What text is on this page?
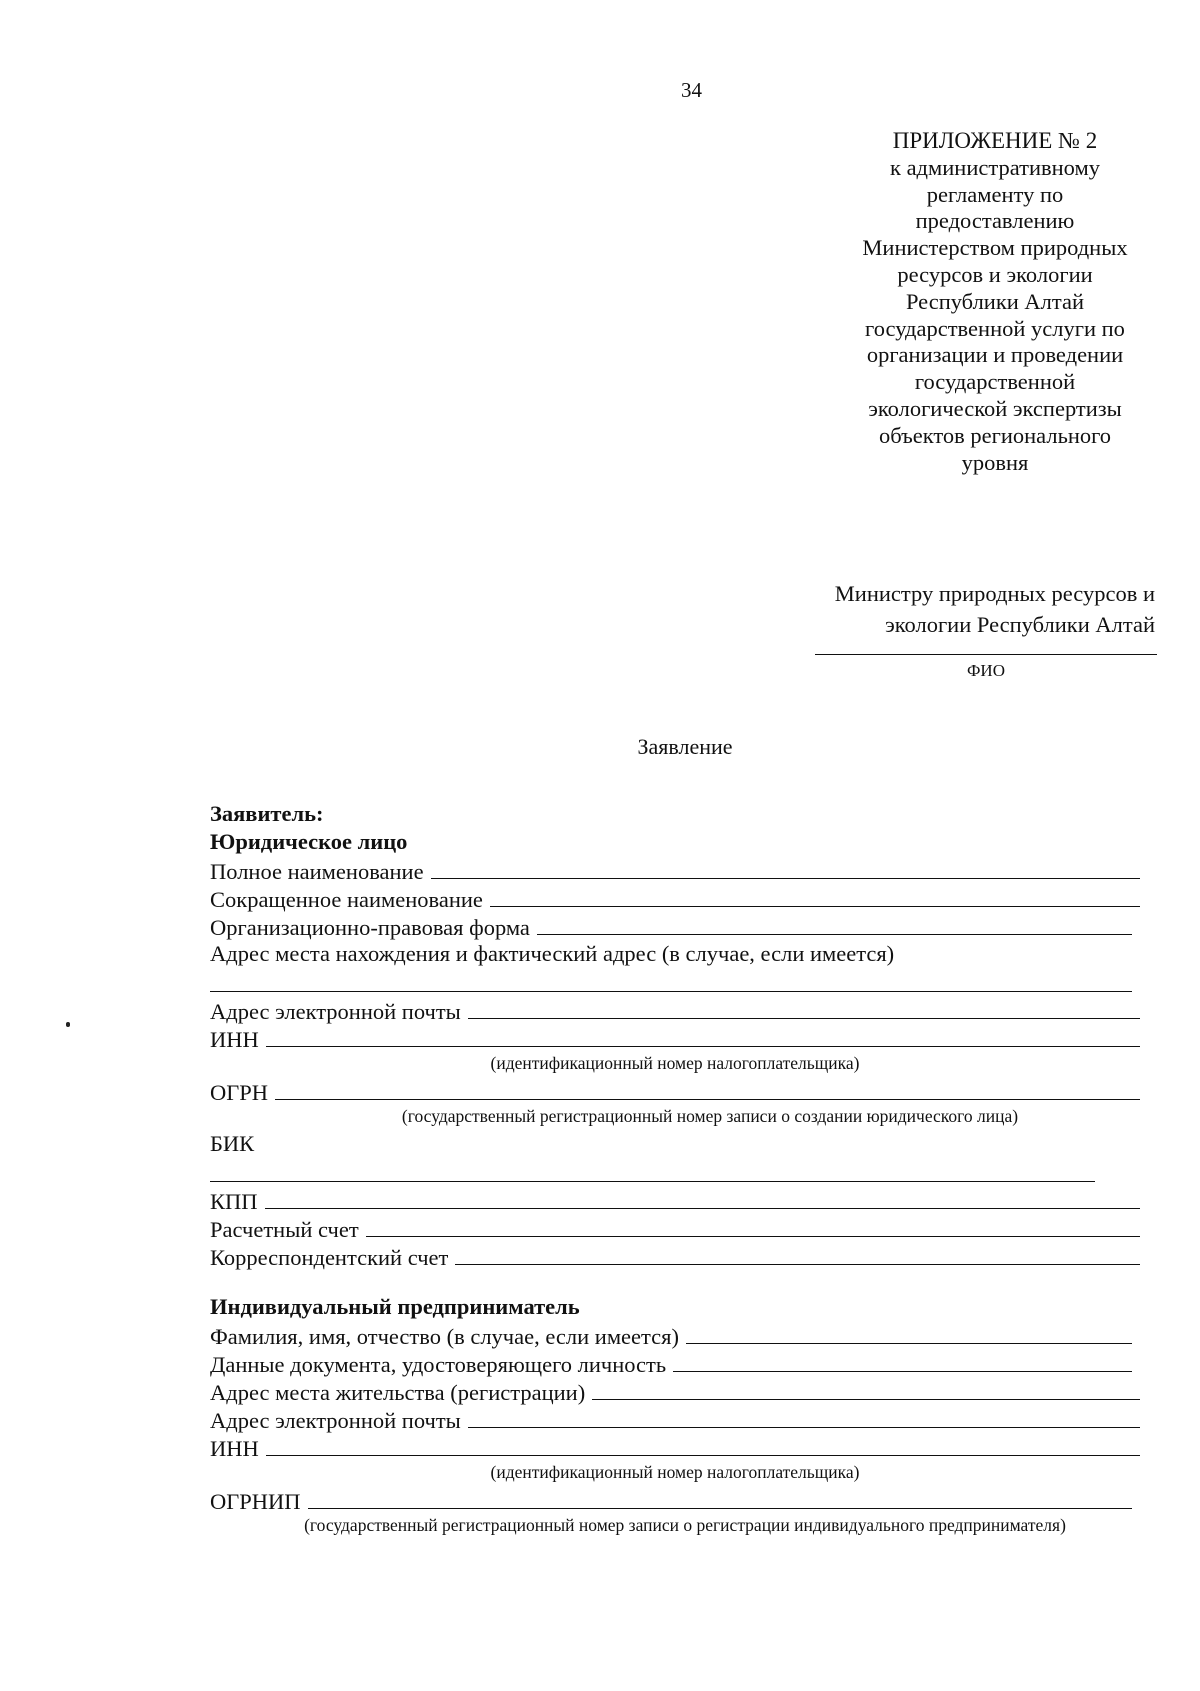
34
ПРИЛОЖЕНИЕ № 2
к административному
регламенту по
предоставлению
Министерством природных
ресурсов и экологии
Республики Алтай
государственной услуги по
организации и проведении
государственной
экологической экспертизы
объектов регионального
уровня
Министру природных ресурсов и
экологии Республики Алтай
ФИО
Заявление
Заявитель:
Юридическое лицо
Полное наименование
Сокращенное наименование
Организационно-правовая форма
Адрес места нахождения и фактический адрес (в случае, если имеется)
Адрес электронной почты
ИНН
(идентификационный номер налогоплательщика)
ОГРН
(государственный регистрационный номер записи о создании юридического лица)
БИК
КПП
Расчетный счет
Корреспондентский счет
Индивидуальный предприниматель
Фамилия, имя, отчество (в случае, если имеется)
Данные документа, удостоверяющего личность
Адрес места жительства (регистрации)
Адрес электронной почты
ИНН
(идентификационный номер налогоплательщика)
ОГРНИП
(государственный регистрационный номер записи о регистрации индивидуального предпринимателя)
